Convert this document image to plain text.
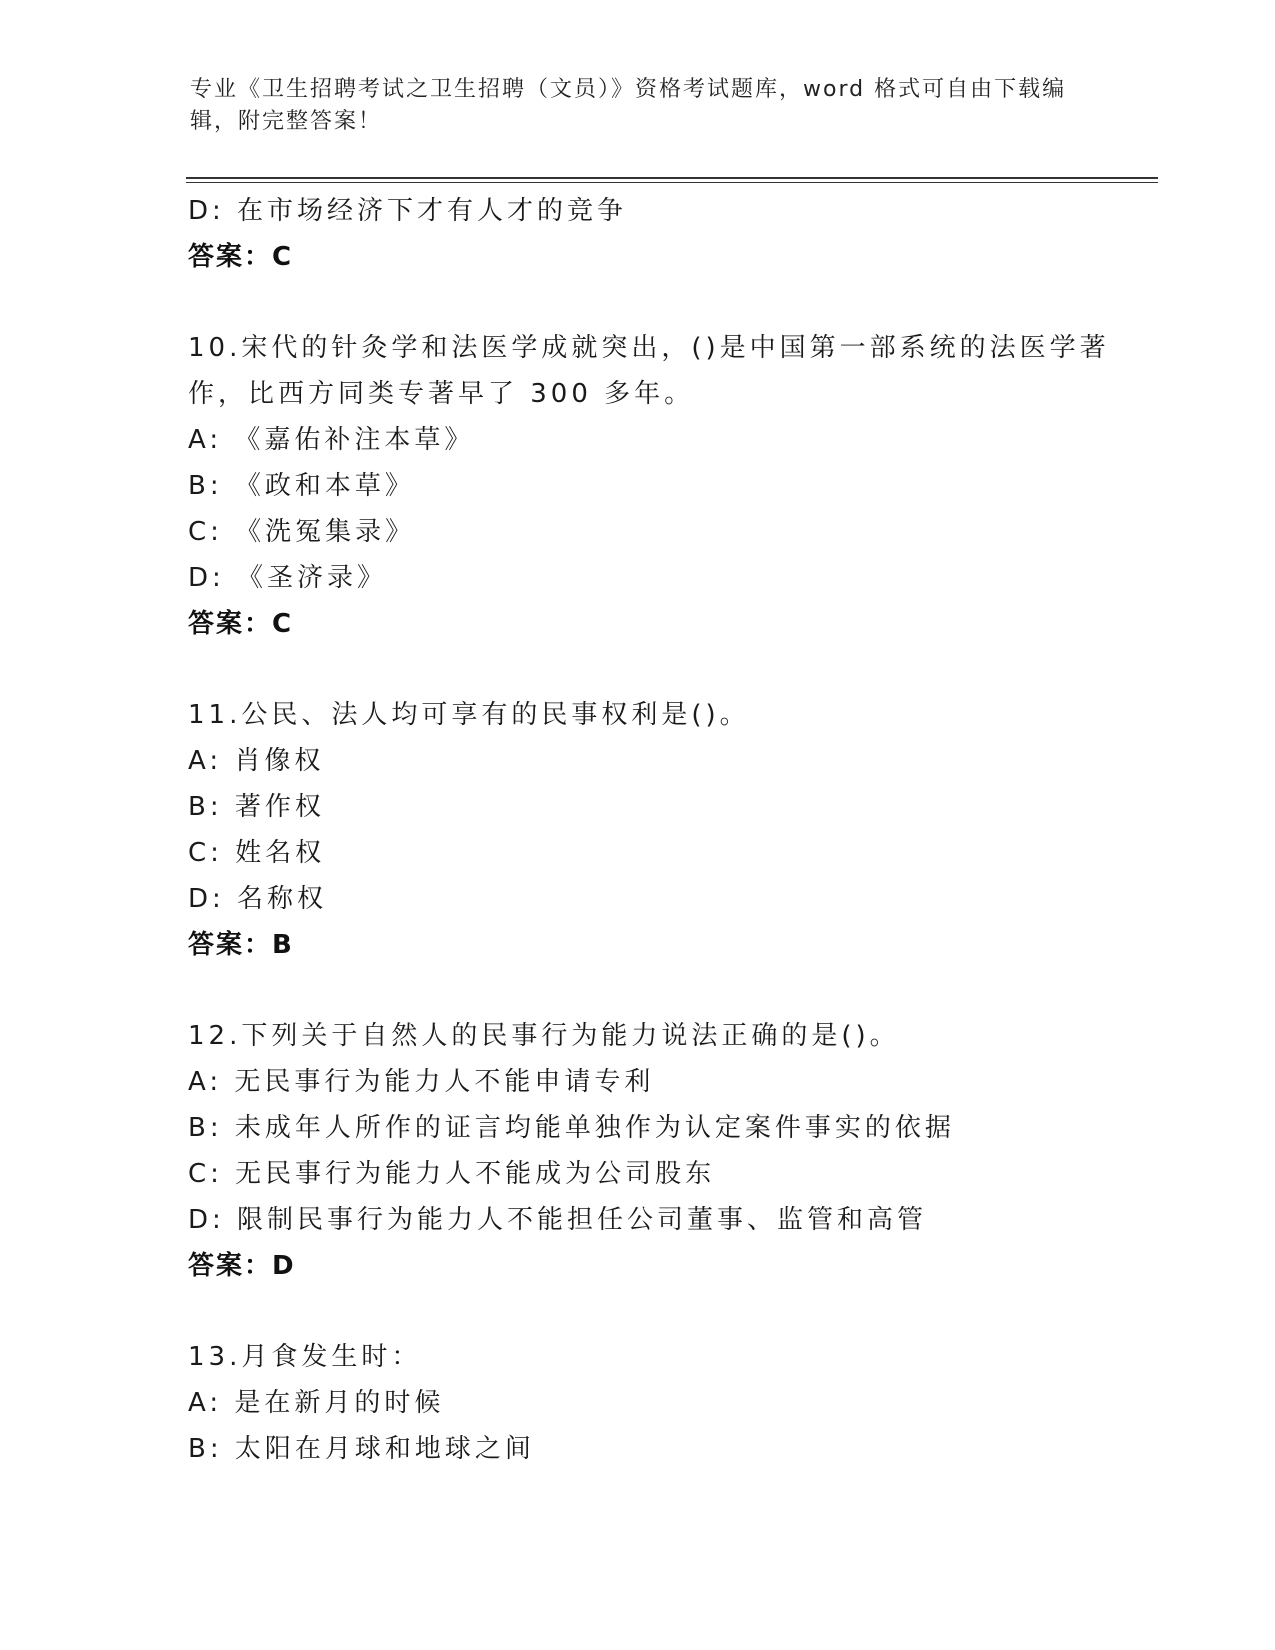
专业《卫生招聘考试之卫生招聘（文员）》资格考试题库，word 格式可自由下载编辑，附完整答案！
D: 在市场经济下才有人才的竞争
答案：C
10.宋代的针灸学和法医学成就突出，()是中国第一部系统的法医学著作，比西方同类专著早了 300 多年。
A: 《嘉佑补注本草》
B: 《政和本草》
C: 《洗冤集录》
D: 《圣济录》
答案：C
11.公民、法人均可享有的民事权利是()。
A: 肖像权
B: 著作权
C: 姓名权
D: 名称权
答案：B
12.下列关于自然人的民事行为能力说法正确的是()。
A: 无民事行为能力人不能申请专利
B: 未成年人所作的证言均能单独作为认定案件事实的依据
C: 无民事行为能力人不能成为公司股东
D: 限制民事行为能力人不能担任公司董事、监管和高管
答案：D
13.月食发生时：
A: 是在新月的时候
B: 太阳在月球和地球之间
